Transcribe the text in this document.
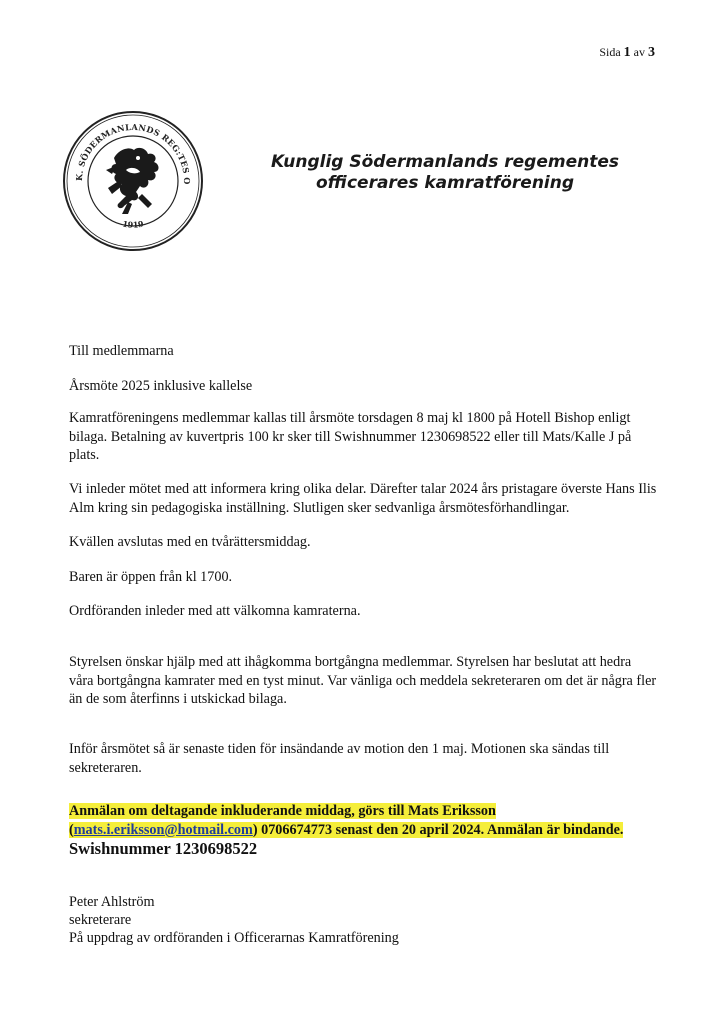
Sida 1 av 3
K. SÖDERMANLANDS REG:TES O
1919
Kunglig Södermanlands regementes
officerares kamratförening

Till medlemmarna

Årsmöte 2025 inklusive kallelse

Kamratföreningens medlemmar kallas till årsmöte torsdagen 8 maj kl 1800 på Hotell Bishop enligt bilaga. Betalning av kuvertpris 100 kr sker till Swishnummer 1230698522 eller till Mats/Kalle J på plats.

Vi inleder mötet med att informera kring olika delar. Därefter talar 2024 års pristagare överste Hans Ilis Alm kring sin pedagogiska inställning. Slutligen sker sedvanliga årsmötesförhandlingar.

Kvällen avslutas med en tvårättersmiddag.

Baren är öppen från kl 1700.

Ordföranden inleder med att välkomna kamraterna.

Styrelsen önskar hjälp med att ihågkomma bortgångna medlemmar. Styrelsen har beslutat att hedra våra bortgångna kamrater med en tyst minut. Var vänliga och meddela sekreteraren om det är några fler än de som återfinns i utskickad bilaga.

Inför årsmötet så är senaste tiden för insändande av motion den 1 maj. Motionen ska sändas till sekreteraren.

Anmälan om deltagande inkluderande middag, görs till Mats Eriksson
(mats.i.eriksson@hotmail.com) 0706674773 senast den 20 april 2024. Anmälan är bindande.

Swishnummer 1230698522

Peter Ahlström

sekreterare

På uppdrag av ordföranden i Officerarnas Kamratförening
